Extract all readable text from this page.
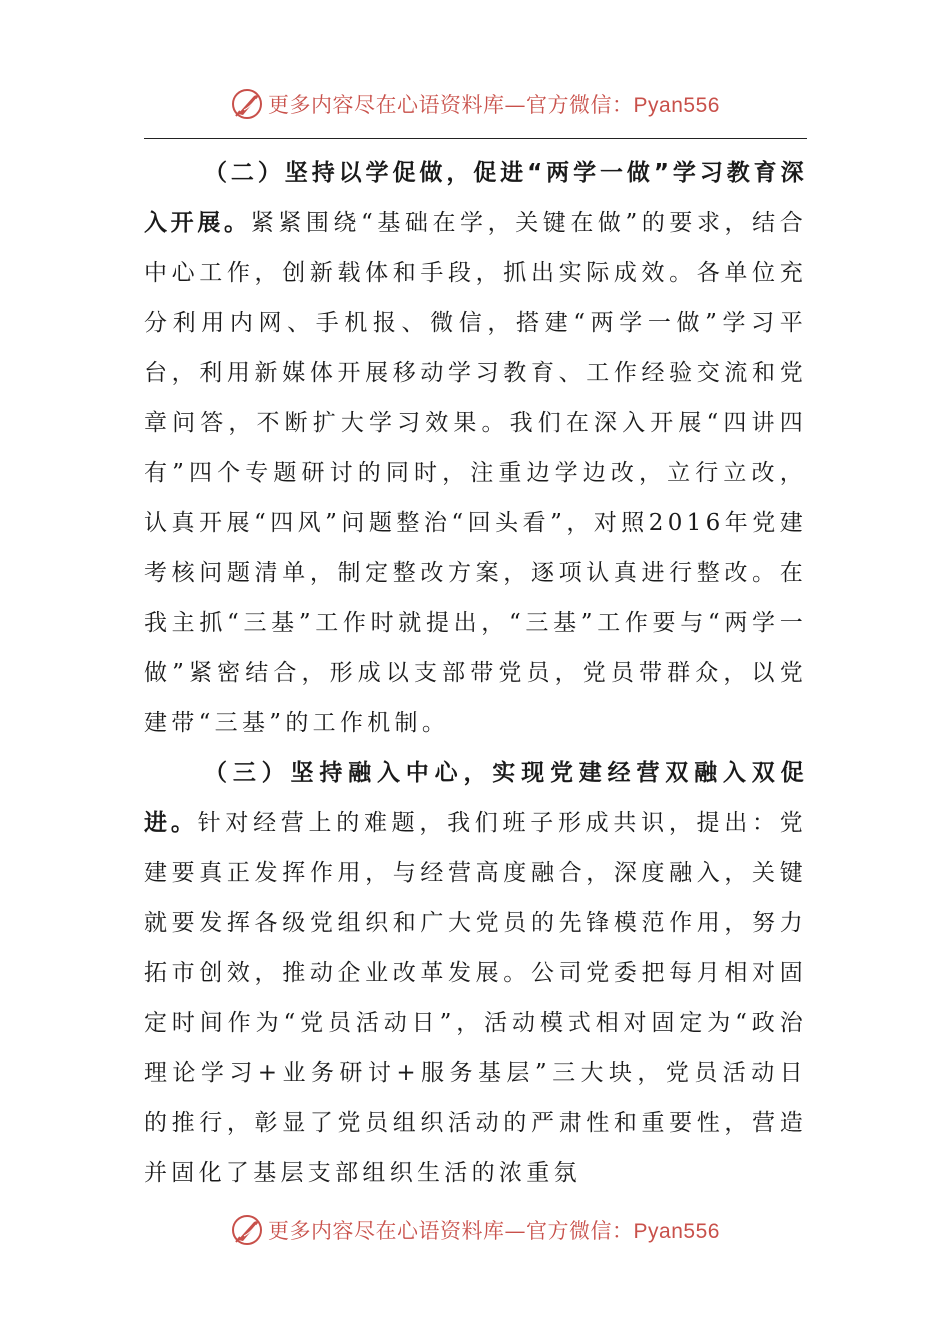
更多内容尽在心语资料库—官方微信：Pyan556

（二）坚持以学促做，促进“两学一做”学习教育深入开展。紧紧围绕“基础在学，关键在做”的要求，结合中心工作，创新载体和手段，抓出实际成效。各单位充分利用内网、手机报、微信，搭建“两学一做”学习平台，利用新媒体开展移动学习教育、工作经验交流和党章问答，不断扩大学习效果。我们在深入开展“四讲四有”四个专题研讨的同时，注重边学边改，立行立改，认真开展“四风”问题整治“回头看”，对照2016年党建考核问题清单，制定整改方案，逐项认真进行整改。在我主抓“三基”工作时就提出，“三基”工作要与“两学一做”紧密结合，形成以支部带党员，党员带群众，以党建带“三基”的工作机制。

（三）坚持融入中心，实现党建经营双融入双促进。针对经营上的难题，我们班子形成共识，提出：党建要真正发挥作用，与经营高度融合，深度融入，关键就要发挥各级党组织和广大党员的先锋模范作用，努力拓市创效，推动企业改革发展。公司党委把每月相对固定时间作为“党员活动日”，活动模式相对固定为“政治理论学习+业务研讨+服务基层”三大块，党员活动日的推行，彰显了党员组织活动的严肃性和重要性，营造并固化了基层支部组织生活的浓重氛

更多内容尽在心语资料库—官方微信：Pyan556
